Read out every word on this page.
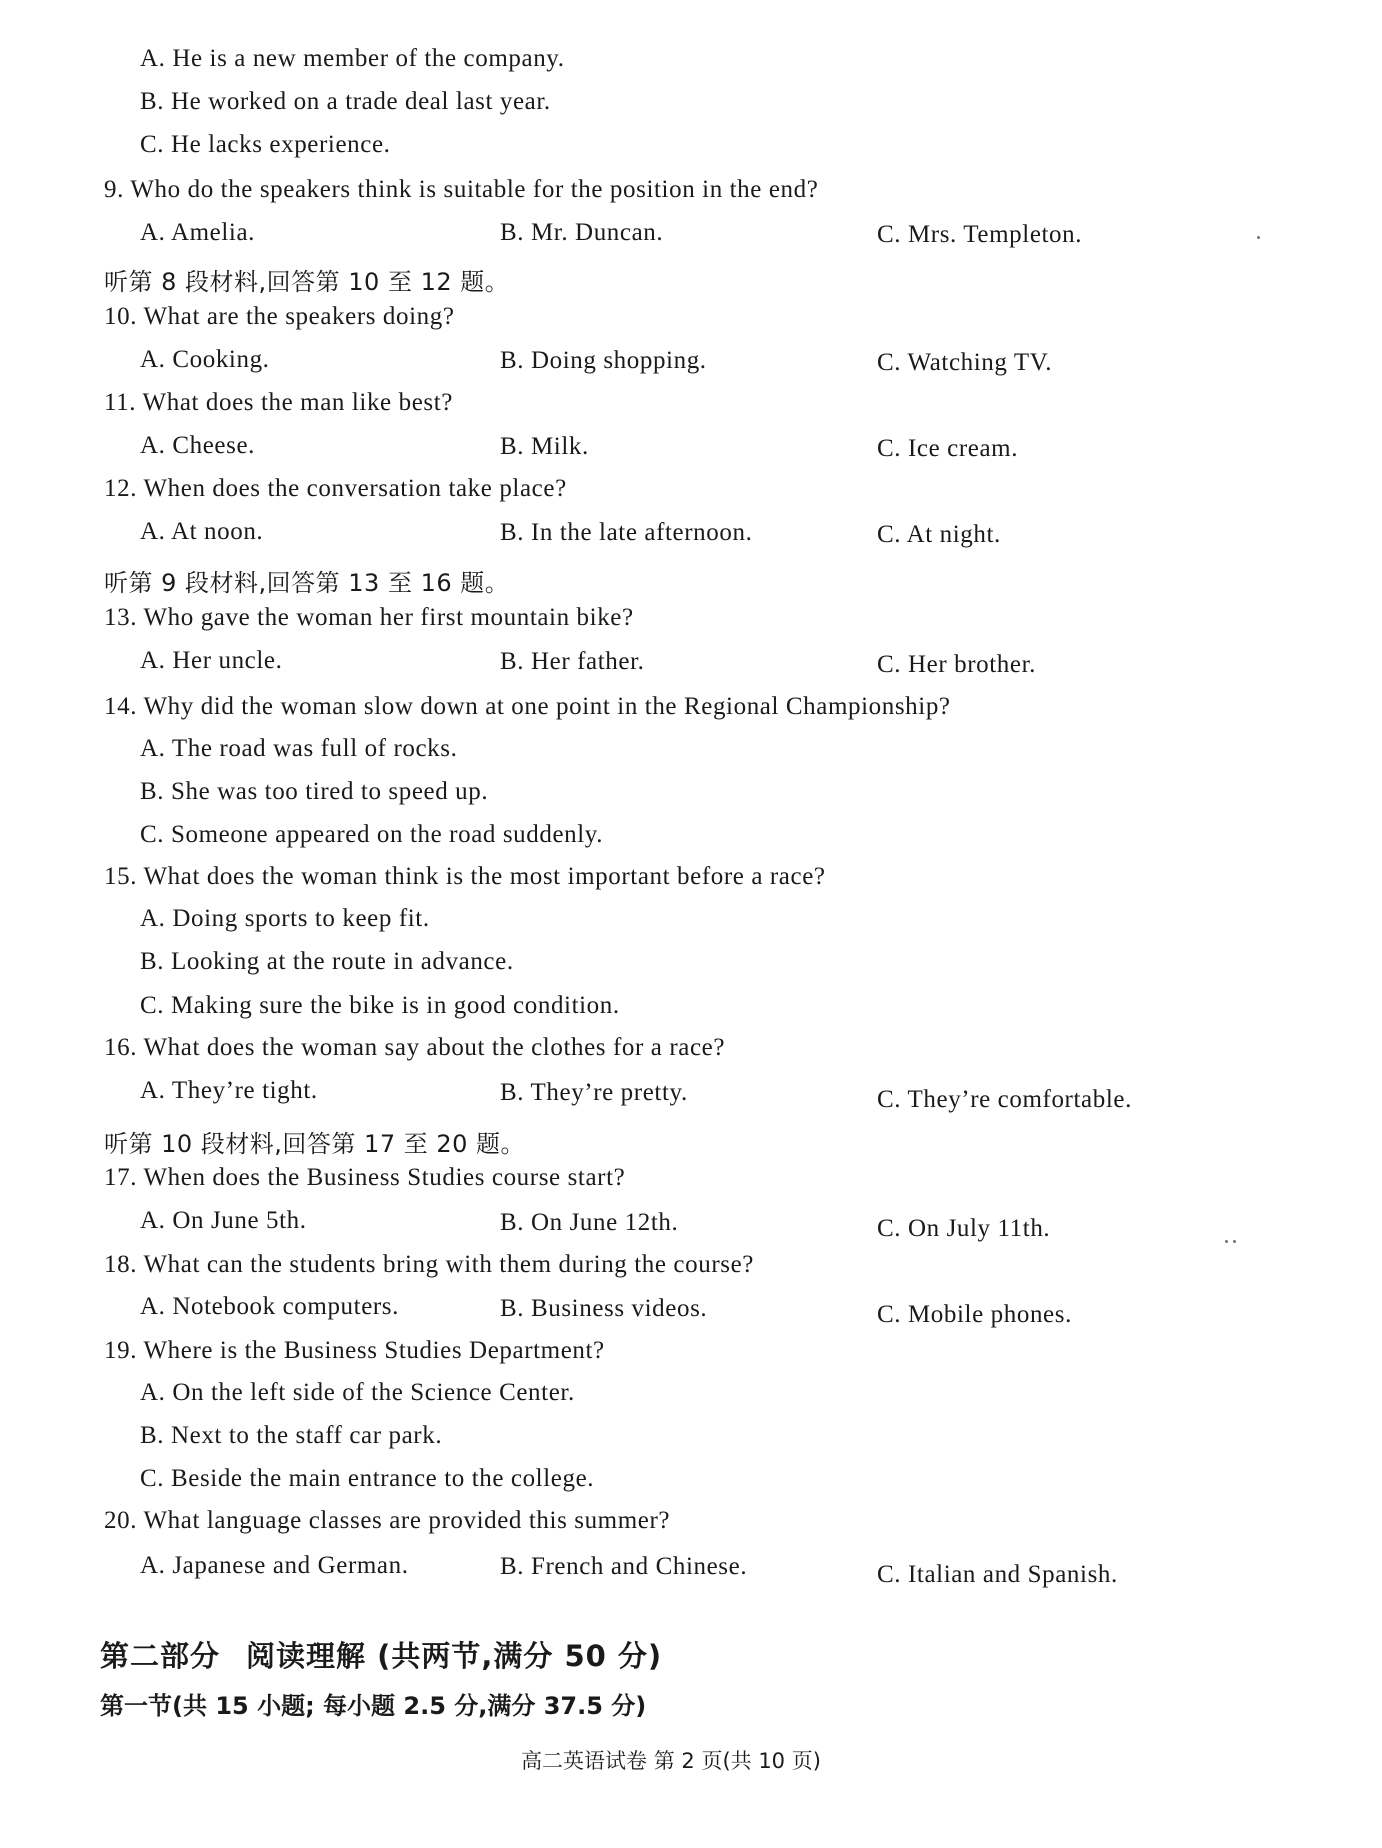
A. He is a new member of the company.
B. He worked on a trade deal last year.
C. He lacks experience.
9. Who do the speakers think is suitable for the position in the end?
A. Amelia.	B. Mr. Duncan.	C. Mrs. Templeton.
听第 8 段材料,回答第 10 至 12 题。
10. What are the speakers doing?
A. Cooking.	B. Doing shopping.	C. Watching TV.
11. What does the man like best?
A. Cheese.	B. Milk.	C. Ice cream.
12. When does the conversation take place?
A. At noon.	B. In the late afternoon.	C. At night.
听第 9 段材料,回答第 13 至 16 题。
13. Who gave the woman her first mountain bike?
A. Her uncle.	B. Her father.	C. Her brother.
14. Why did the woman slow down at one point in the Regional Championship?
A. The road was full of rocks.
B. She was too tired to speed up.
C. Someone appeared on the road suddenly.
15. What does the woman think is the most important before a race?
A. Doing sports to keep fit.
B. Looking at the route in advance.
C. Making sure the bike is in good condition.
16. What does the woman say about the clothes for a race?
A. They’re tight.	B. They’re pretty.	C. They’re comfortable.
听第 10 段材料,回答第 17 至 20 题。
17. When does the Business Studies course start?
A. On June 5th.	B. On June 12th.	C. On July 11th.
18. What can the students bring with them during the course?
A. Notebook computers.	B. Business videos.	C. Mobile phones.
19. Where is the Business Studies Department?
A. On the left side of the Science Center.
B. Next to the staff car park.
C. Beside the main entrance to the college.
20. What language classes are provided this summer?
A. Japanese and German.	B. French and Chinese.	C. Italian and Spanish.
第二部分 阅读理解 (共两节,满分 50 分)
第一节(共 15 小题; 每小题 2.5 分,满分 37.5 分)
高二英语试卷 第 2 页(共 10 页)
